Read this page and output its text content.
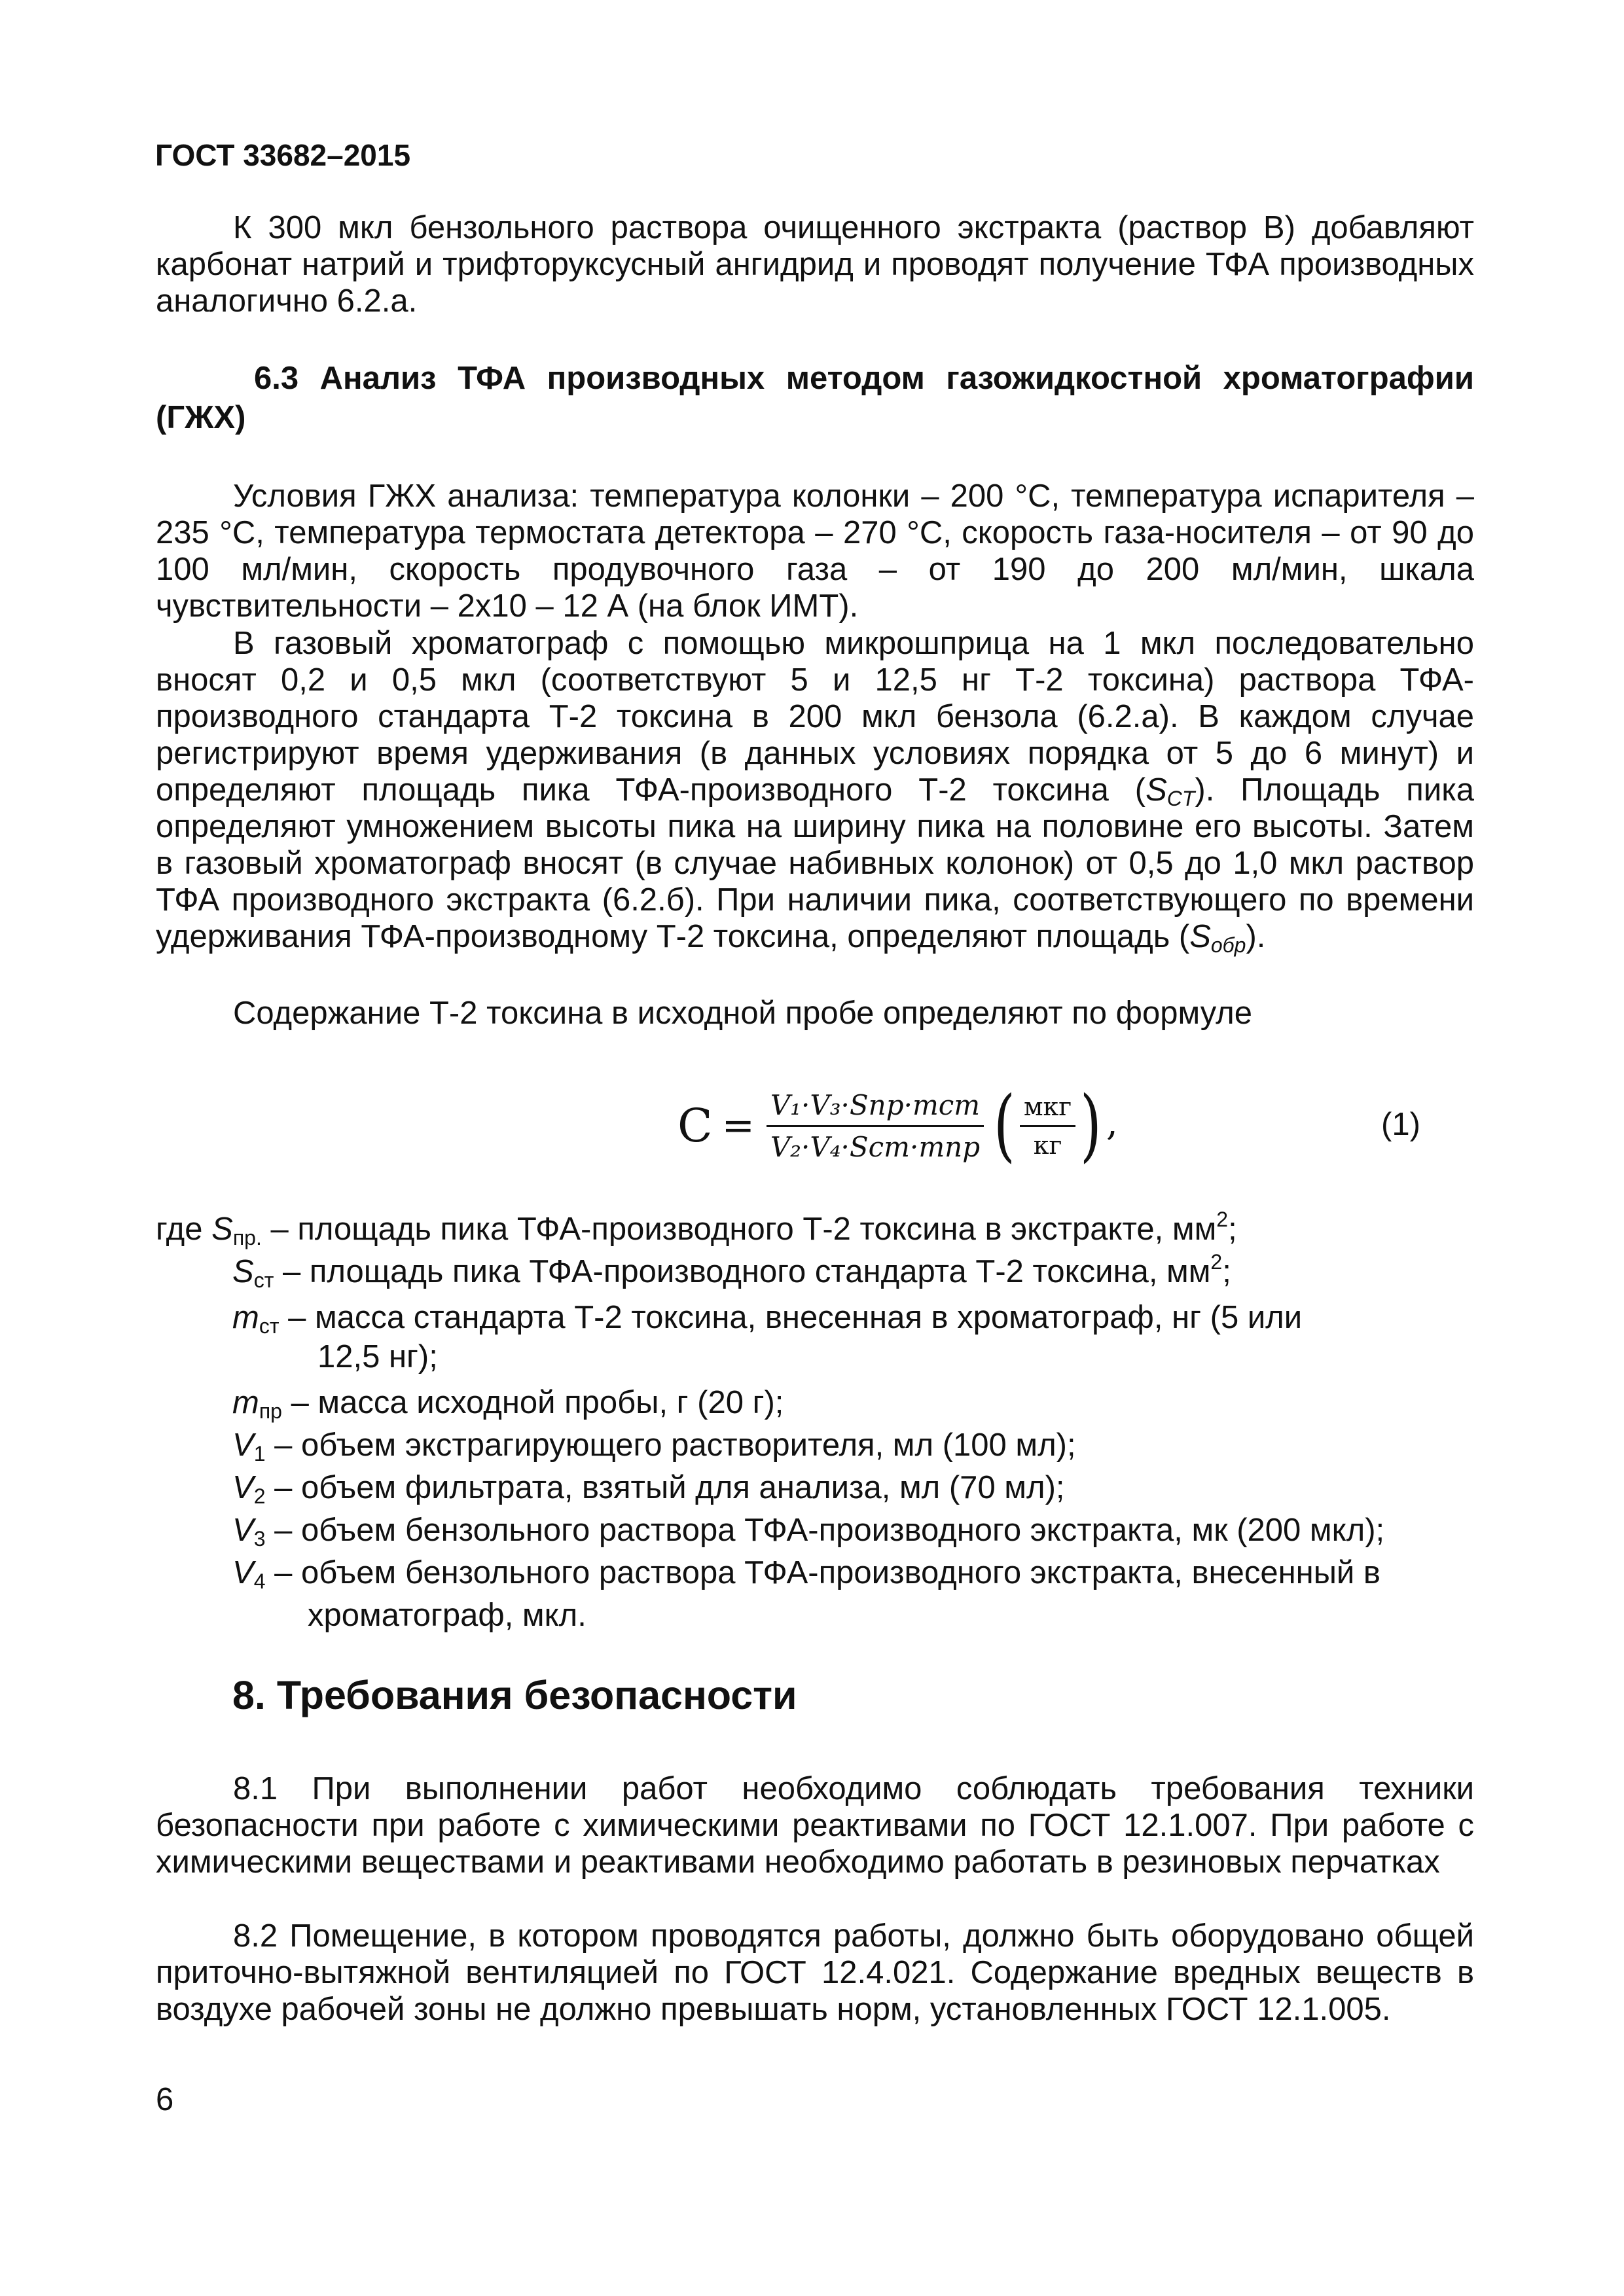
ГОСТ 33682–2015

К 300 мкл бензольного раствора очищенного экстракта (раствор В) добавляют карбонат натрий и трифторуксусный ангидрид и проводят получение ТФА производных аналогично 6.2.а.

6.3 Анализ ТФА производных методом газожидкостной хроматографии (ГЖХ)

Условия ГЖХ анализа: температура колонки – 200 °С, температура испарителя – 235 °С, температура термостата детектора – 270 °С, скорость газа-носителя – от 90 до 100 мл/мин, скорость продувочного газа – от 190 до 200 мл/мин, шкала чувствительности – 2х10 – 12 А (на блок ИМТ).

В газовый хроматограф с помощью микрошприца на 1 мкл последовательно вносят 0,2 и 0,5 мкл (соответствуют 5 и 12,5 нг Т-2 токсина) раствора ТФА-производного стандарта Т-2 токсина в 200 мкл бензола (6.2.а). В каждом случае регистрируют время удерживания (в данных условиях порядка от 5 до 6 минут) и определяют площадь пика ТФА-производного Т-2 токсина $(S_{CT})$. Площадь пика определяют умножением высоты пика на ширину пика на половине его высоты. Затем в газовый хроматограф вносят (в случае набивных колонок) от 0,5 до 1,0 мкл раствор ТФА производного экстракта (6.2.б). При наличии пика, соответствующего по времени удерживания ТФА-производному Т-2 токсина, определяют площадь $(S_{обр})$.

Содержание Т-2 токсина в исходной пробе определяют по формуле

$С = \frac{\text{V₁·V₃·Sпр·mст}}{\text{V₂·V₄·Sст·mпр}}$ ( $\frac{\text{мкг}}{кг}$ ) ,	(1)
где $S_{пр.}$ – площадь пика ТФА-производного Т-2 токсина в экстракте, $мм^2$;
$S_{ст}$ – площадь пика ТФА-производного стандарта Т-2 токсина, $мм^2$;
$m_{ст}$ – масса стандарта Т-2 токсина, внесенная в хроматограф, нг (5 или
12,5 нг);
$m_{пр}$ – масса исходной пробы, г (20 г);
$V_1$ – объем экстрагирующего растворителя, мл (100 мл);
$V_2$ – объем фильтрата, взятый для анализа, мл (70 мл);
$V_3$ – объем бензольного раствора ТФА-производного экстракта, мк (200 мкл);
$V_4$ – объем бензольного раствора ТФА-производного экстракта, внесенный в
хроматограф, мкл.
8. Требования безопасности

8.1 При выполнении работ необходимо соблюдать требования техники безопасности при работе с химическими реактивами по ГОСТ 12.1.007. При работе с химическими веществами и реактивами необходимо работать в резиновых перчатках

8.2 Помещение, в котором проводятся работы, должно быть оборудовано общей приточно-вытяжной вентиляцией по ГОСТ 12.4.021. Содержание вредных веществ в воздухе рабочей зоны не должно превышать норм, установленных ГОСТ 12.1.005.

6
